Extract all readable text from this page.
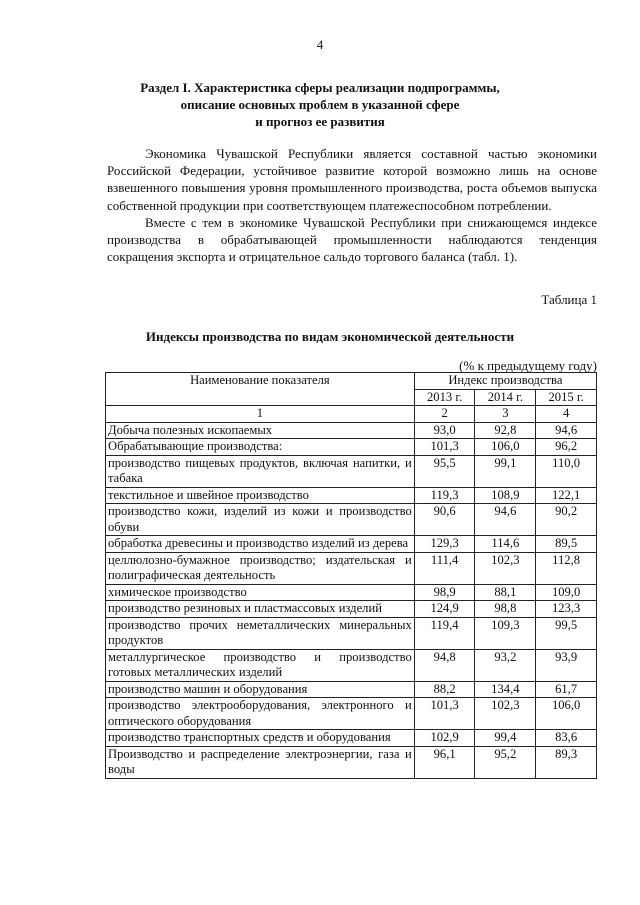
4
Раздел I. Характеристика сферы реализации подпрограммы,
описание основных проблем в указанной сфере
и прогноз ее развития

Экономика Чувашской Республики является составной частью экономики Российской Федерации, устойчивое развитие которой возможно лишь на основе взвешенного повышения уровня промышленного производства, роста объемов выпуска собственной продукции при соответствующем платежеспособном потреблении.

Вместе с тем в экономике Чувашской Республики при снижающемся индексе производства в обрабатывающей промышленности наблюдаются тенденция сокращения экспорта и отрицательное сальдо торгового баланса (табл. 1).

Таблица 1
Индексы производства по видам экономической деятельности
(% к предыдущему году)
Наименование показателя	Индекс производства		
	2013 г.	2014 г.	2015 г.
1	2	3	4
Добыча полезных ископаемых	93,0	92,8	94,6
Обрабатывающие производства:	101,3	106,0	96,2
производство пищевых продуктов, включая напитки, и табака	95,5	99,1	110,0
текстильное и швейное производство	119,3	108,9	122,1
производство кожи, изделий из кожи и производство обуви	90,6	94,6	90,2
обработка древесины и производство изделий из дерева	129,3	114,6	89,5
целлюлозно-бумажное производство; издательская и полиграфическая деятельность	111,4	102,3	112,8
химическое производство	98,9	88,1	109,0
производство резиновых и пластмассовых изделий	124,9	98,8	123,3
производство прочих неметаллических минеральных продуктов	119,4	109,3	99,5
металлургическое производство и производство готовых металлических изделий	94,8	93,2	93,9
производство машин и оборудования	88,2	134,4	61,7
производство электрооборудования, электронного и оптического оборудования	101,3	102,3	106,0
производство транспортных средств и оборудования	102,9	99,4	83,6
Производство и распределение электроэнергии, газа и воды	96,1	95,2	89,3
